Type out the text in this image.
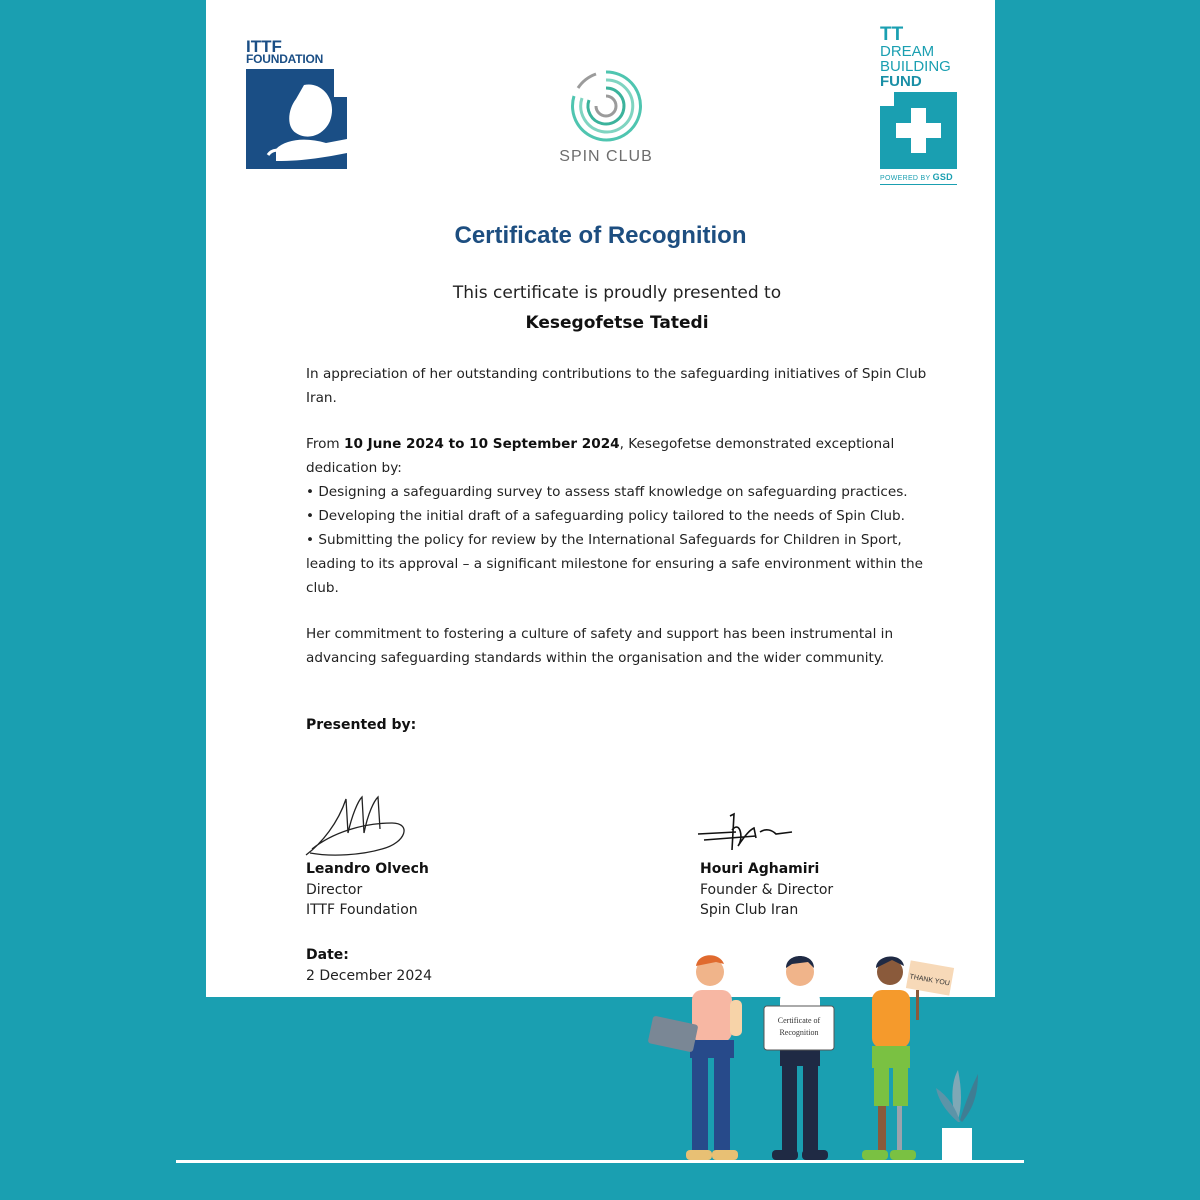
ITTF
FOUNDATION
SPIN CLUB
TT
DREAM
BUILDING
FUND
POWERED BY GSD
Certificate of Recognition
This certificate is proudly presented to
Kesegofetse Tatedi
In appreciation of her outstanding contributions to the safeguarding initiatives of Spin Club Iran.
From 10 June 2024 to 10 September 2024, Kesegofetse demonstrated exceptional dedication by:
• Designing a safeguarding survey to assess staff knowledge on safeguarding practices.
• Developing the initial draft of a safeguarding policy tailored to the needs of Spin Club.
• Submitting the policy for review by the International Safeguards for Children in Sport, leading to its approval – a significant milestone for ensuring a safe environment within the club.
Her commitment to fostering a culture of safety and support has been instrumental in advancing safeguarding standards within the organisation and the wider community.
Presented by:
Leandro Olvech
Director
ITTF Foundation
Houri Aghamiri
Founder & Director
Spin Club Iran
Date:
2 December 2024
Certificate of
Recognition
THANK YOU
